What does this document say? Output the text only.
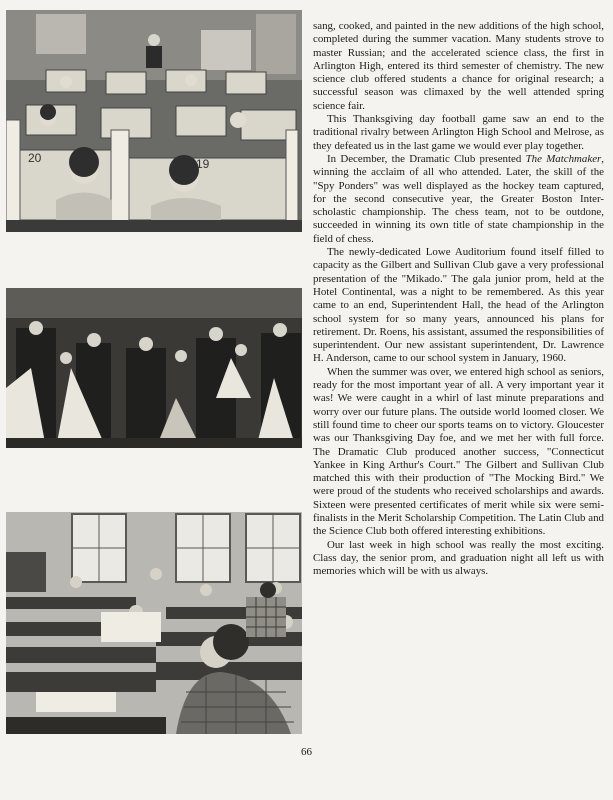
20	19

sang, cooked, and painted in the new additions of the high school, completed during the summer vacation. Many students strove to master Russian; and the accelerated science class, the first in Arlington High, entered its third semester of chemistry. The new science club offered students a chance for original research; a successful season was climaxed by the well attended spring science fair.

This Thanksgiving day football game saw an end to the traditional rivalry between Arlington High School and Melrose, as they defeated us in the last game we would ever play together.

In December, the Dramatic Club presented The Matchmaker, winning the acclaim of all who attended. Later, the skill of the "Spy Ponders" was well displayed as the hockey team captured, for the second consecutive year, the Greater Boston Inter-scholastic championship. The chess team, not to be outdone, succeeded in winning its own title of state championship in the field of chess.

The newly-dedicated Lowe Auditorium found itself filled to capacity as the Gilbert and Sullivan Club gave a very professional presentation of the "Mikado." The gala junior prom, held at the Hotel Continental, was a night to be remembered. As this year came to an end, Superintendent Hall, the head of the Arlington school system for so many years, announced his plans for retirement. Dr. Roens, his assistant, assumed the responsibilities of superintendent. Our new assistant superintendent, Dr. Lawrence H. Anderson, came to our school system in January, 1960.

When the summer was over, we entered high school as seniors, ready for the most important year of all. A very important year it was! We were caught in a whirl of last minute preparations and worry over our future plans. The outside world loomed closer. We still found time to cheer our sports teams on to victory. Gloucester was our Thanksgiving Day foe, and we met her with full force. The Dramatic Club produced another success, "Connecticut Yankee in King Arthur's Court." The Gilbert and Sullivan Club matched this with their production of "The Mocking Bird." We were proud of the students who received scholarships and awards. Sixteen were presented certificates of merit while six were semi-finalists in the Merit Scholarship Competition. The Latin Club and the Science Club both offered interesting exhibitions.

Our last week in high school was really the most exciting. Class day, the senior prom, and graduation night all left us with memories which will be with us always.

66
